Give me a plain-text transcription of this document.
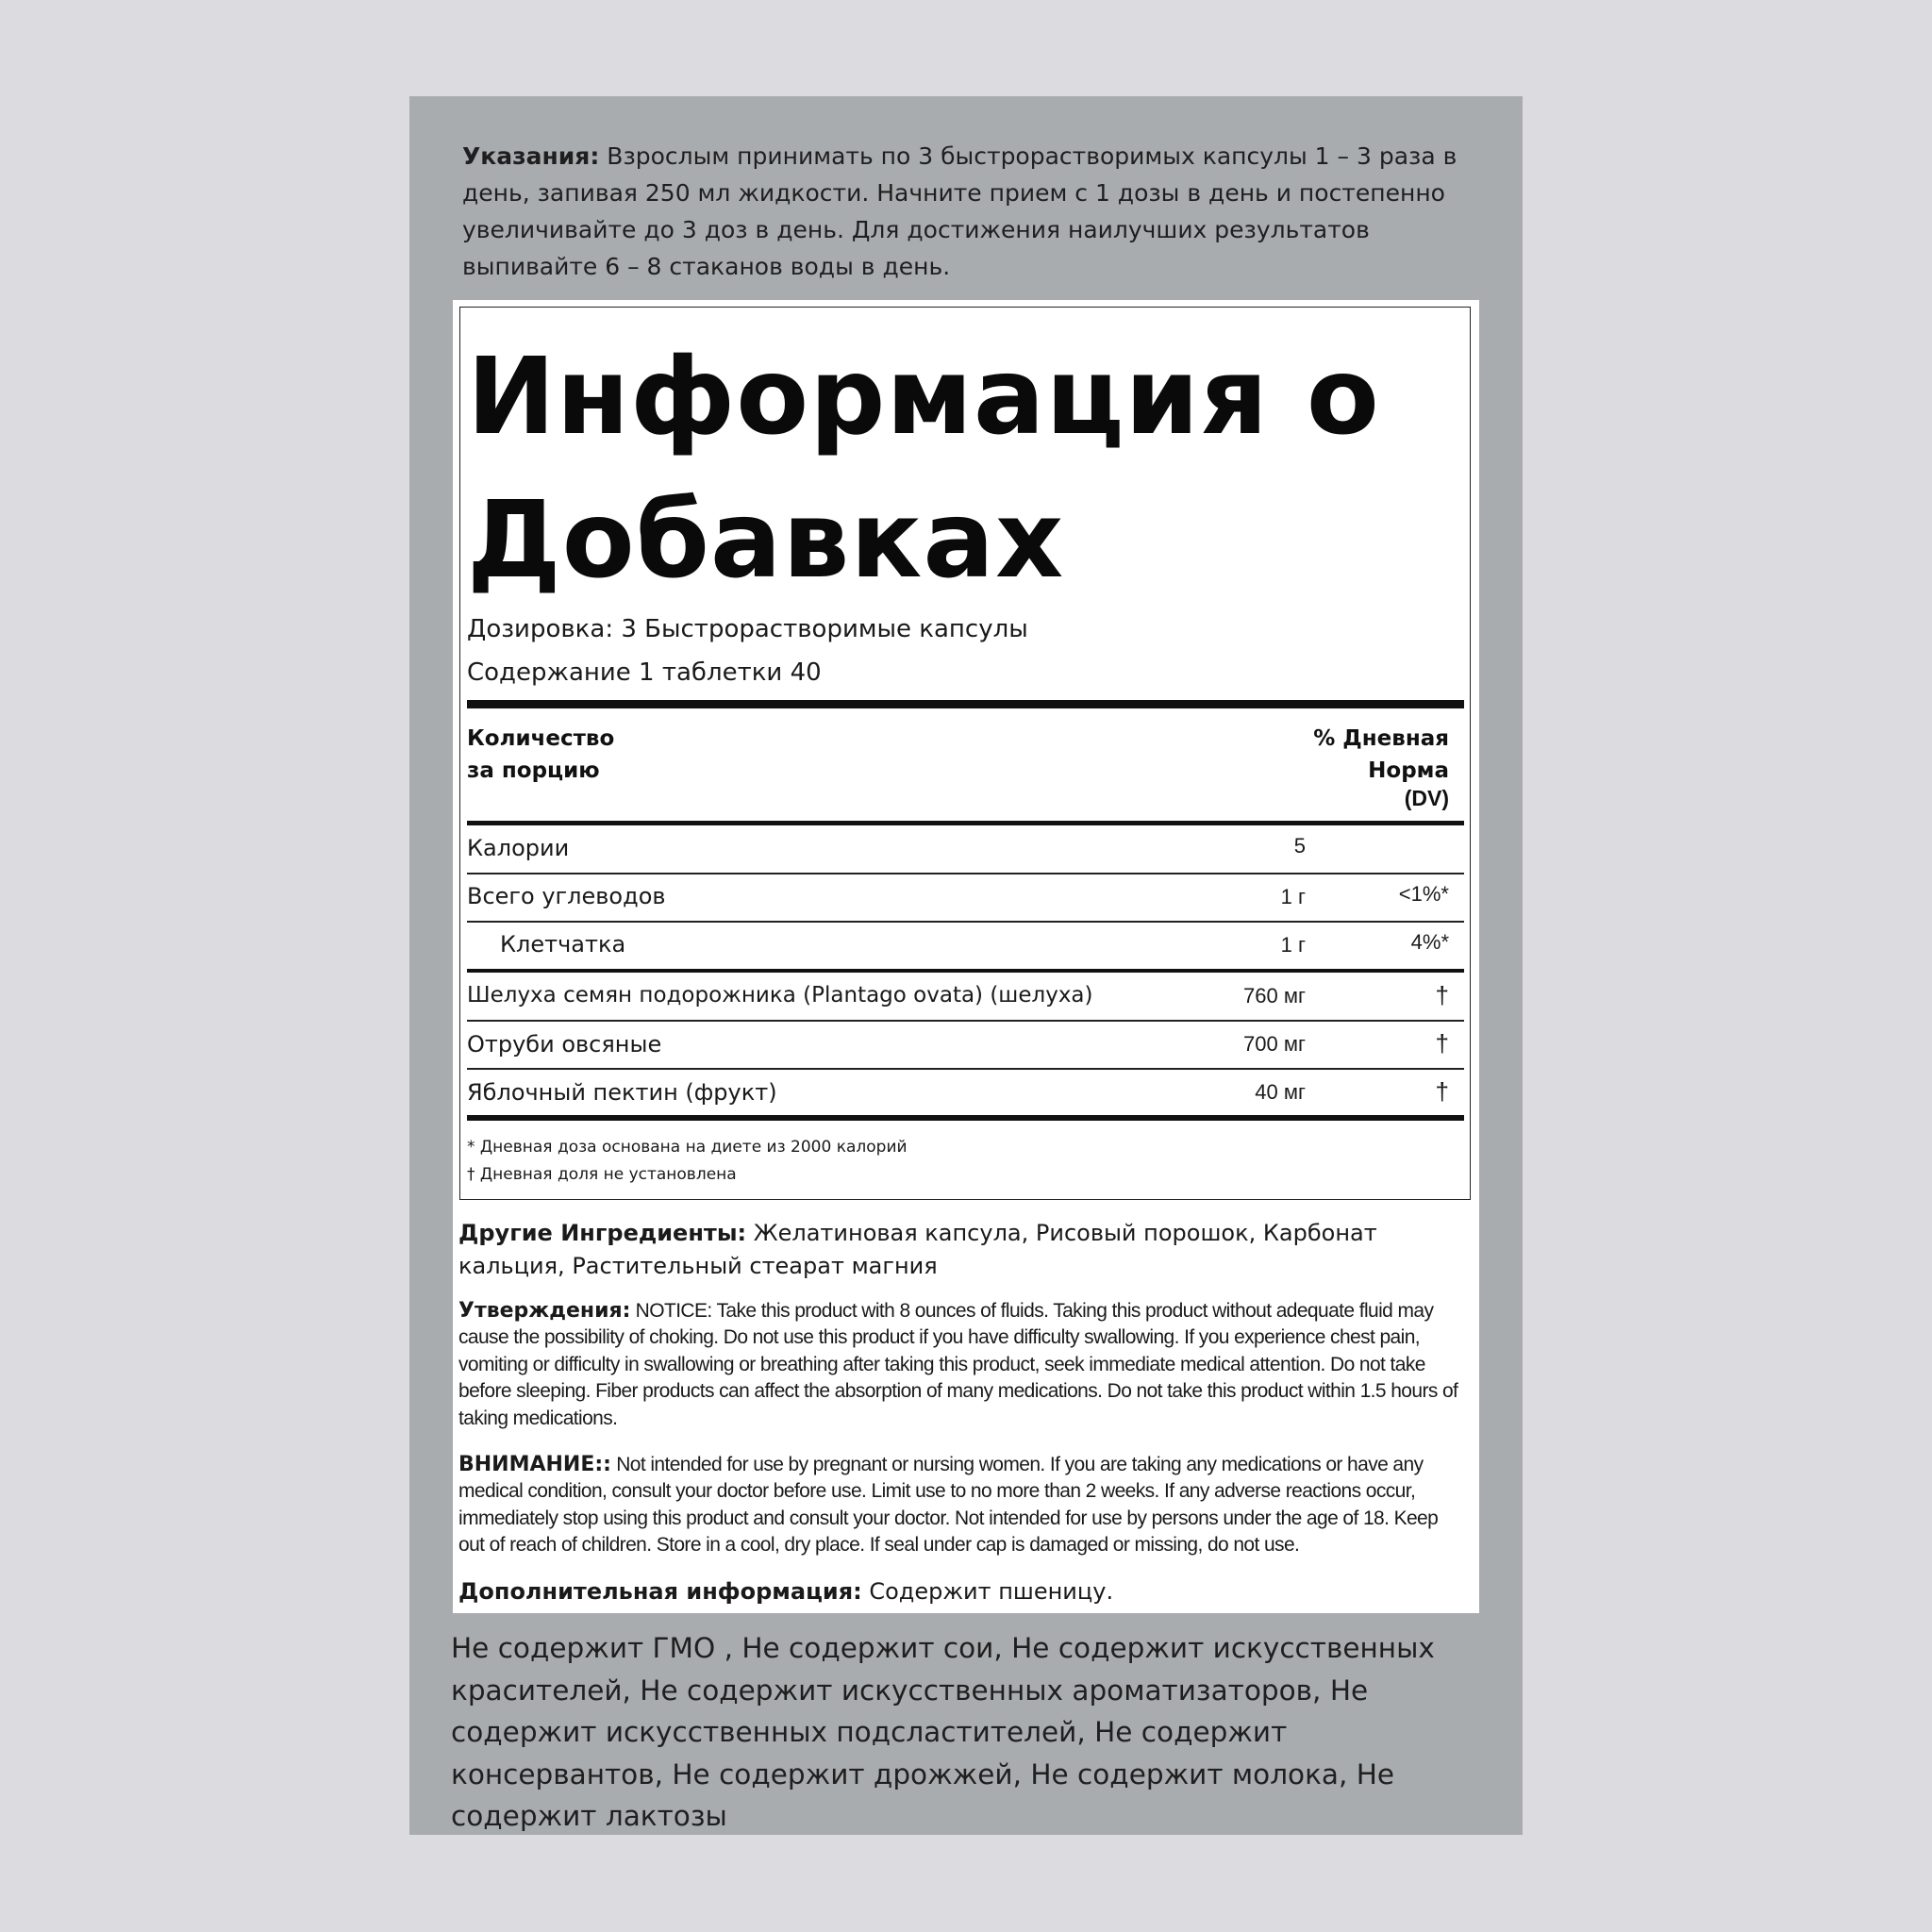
Указания: Взрослым принимать по 3 быстрорастворимых капсулы 1 – 3 раза в день, запивая 250 мл жидкости. Начните прием с 1 дозы в день и постепенно увеличивайте до 3 доз в день. Для достижения наилучших результатов выпивайте 6 – 8 стаканов воды в день.
Информация о
Добавках
Дозировка: 3 Быстрорастворимые капсулы
Содержание 1 таблетки 40
Количество
за порцию
% Дневная
Норма
(DV)
Калории	5
Всего углеводов	1 г	<1%*
Клетчатка	1 г	4%*
Шелуха семян подорожника (Plantago ovata) (шелуха)	760 мг	†
Отруби овсяные	700 мг	†
Яблочный пектин (фрукт)	40 мг	†
* Дневная доза основана на диете из 2000 калорий
† Дневная доля не установлена
Другие Ингредиенты: Желатиновая капсула, Рисовый порошок, Карбонат кальция, Растительный стеарат магния
Утверждения: NOTICE: Take this product with 8 ounces of fluids. Taking this product without adequate fluid may cause the possibility of choking. Do not use this product if you have difficulty swallowing. If you experience chest pain, vomiting or difficulty in swallowing or breathing after taking this product, seek immediate medical attention. Do not take before sleeping. Fiber products can affect the absorption of many medications. Do not take this product within 1.5 hours of taking medications.
ВНИМАНИЕ:: Not intended for use by pregnant or nursing women. If you are taking any medications or have any medical condition, consult your doctor before use. Limit use to no more than 2 weeks. If any adverse reactions occur, immediately stop using this product and consult your doctor. Not intended for use by persons under the age of 18. Keep out of reach of children. Store in a cool, dry place. If seal under cap is damaged or missing, do not use.
Дополнительная информация: Содержит пшеницу.
Не содержит ГМО , Не содержит сои, Не содержит искусственных красителей, Не содержит искусственных ароматизаторов, Не содержит искусственных подсластителей, Не содержит консервантов, Не содержит дрожжей, Не содержит молока, Не содержит лактозы
